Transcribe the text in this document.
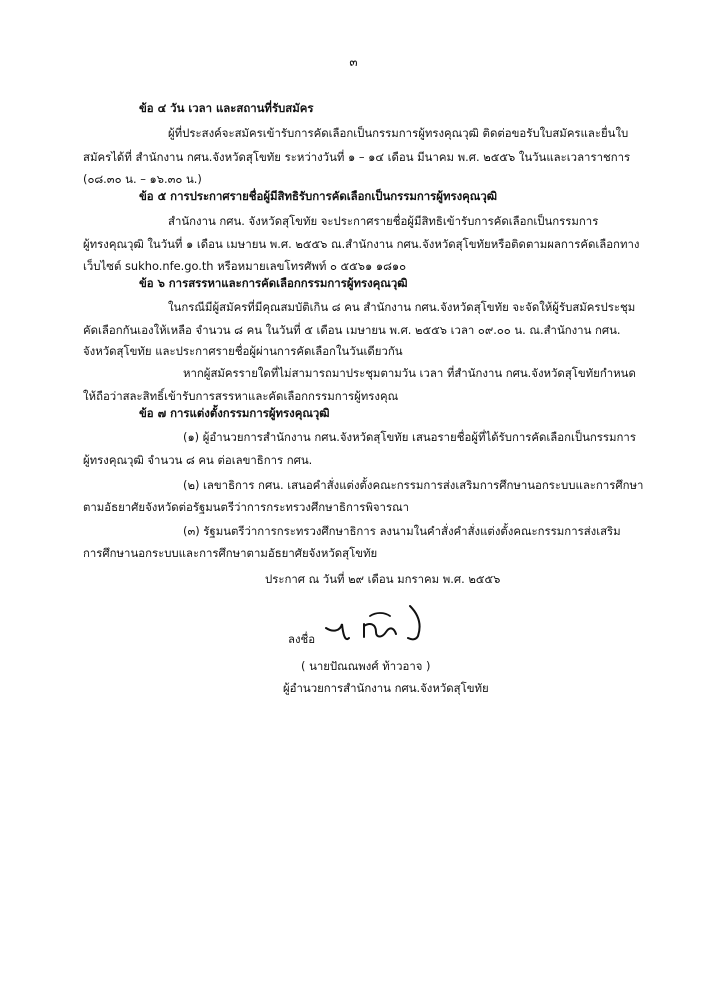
๓
ข้อ ๔ วัน เวลา และสถานที่รับสมัคร
ผู้ที่ประสงค์จะสมัครเข้ารับการคัดเลือกเป็นกรรมการผู้ทรงคุณวุฒิ ติดต่อขอรับใบสมัครและยื่นใบ
สมัครได้ที่ สำนักงาน กศน.จังหวัดสุโขทัย ระหว่างวันที่ ๑ – ๑๔ เดือน มีนาคม พ.ศ. ๒๕๕๖ ในวันและเวลาราชการ
(๐๘.๓๐ น. – ๑๖.๓๐ น.)
ข้อ ๕ การประกาศรายชื่อผู้มีสิทธิรับการคัดเลือกเป็นกรรมการผู้ทรงคุณวุฒิ
สำนักงาน กศน. จังหวัดสุโขทัย จะประกาศรายชื่อผู้มีสิทธิเข้ารับการคัดเลือกเป็นกรรมการ
ผู้ทรงคุณวุฒิ ในวันที่ ๑ เดือน เมษายน พ.ศ. ๒๕๕๖ ณ.สำนักงาน กศน.จังหวัดสุโขทัยหรือติดตามผลการคัดเลือกทาง
เว็บไซต์ sukho.nfe.go.th หรือหมายเลขโทรศัพท์ ๐ ๕๕๖๑ ๑๘๑๐
ข้อ ๖ การสรรหาและการคัดเลือกกรรมการผู้ทรงคุณวุฒิ
ในกรณีมีผู้สมัครที่มีคุณสมบัติเกิน ๘ คน สำนักงาน กศน.จังหวัดสุโขทัย จะจัดให้ผู้รับสมัครประชุม
คัดเลือกกันเองให้เหลือ จำนวน ๘ คน ในวันที่ ๕ เดือน เมษายน พ.ศ. ๒๕๕๖ เวลา ๐๙.๐๐ น. ณ.สำนักงาน กศน.
จังหวัดสุโขทัย และประกาศรายชื่อผู้ผ่านการคัดเลือกในวันเดียวกัน
หากผู้สมัครรายใดที่ไม่สามารถมาประชุมตามวัน เวลา ที่สำนักงาน กศน.จังหวัดสุโขทัยกำหนด
ให้ถือว่าสละสิทธิ์เข้ารับการสรรหาและคัดเลือกกรรมการผู้ทรงคุณ
ข้อ ๗ การแต่งตั้งกรรมการผู้ทรงคุณวุฒิ
(๑) ผู้อำนวยการสำนักงาน กศน.จังหวัดสุโขทัย เสนอรายชื่อผู้ที่ได้รับการคัดเลือกเป็นกรรมการ
ผู้ทรงคุณวุฒิ จำนวน ๘ คน ต่อเลขาธิการ กศน.
(๒) เลขาธิการ กศน. เสนอคำสั่งแต่งตั้งคณะกรรมการส่งเสริมการศึกษานอกระบบและการศึกษา
ตามอัธยาศัยจังหวัดต่อรัฐมนตรีว่าการกระทรวงศึกษาธิการพิจารณา
(๓) รัฐมนตรีว่าการกระทรวงศึกษาธิการ ลงนามในคำสั่งคำสั่งแต่งตั้งคณะกรรมการส่งเสริม
การศึกษานอกระบบและการศึกษาตามอัธยาศัยจังหวัดสุโขทัย
ประกาศ ณ วันที่ ๒๙ เดือน มกราคม พ.ศ. ๒๕๕๖
ลงชื่อ
( นายปัณณพงศ์ ท้าวอาจ )
ผู้อำนวยการสำนักงาน กศน.จังหวัดสุโขทัย
